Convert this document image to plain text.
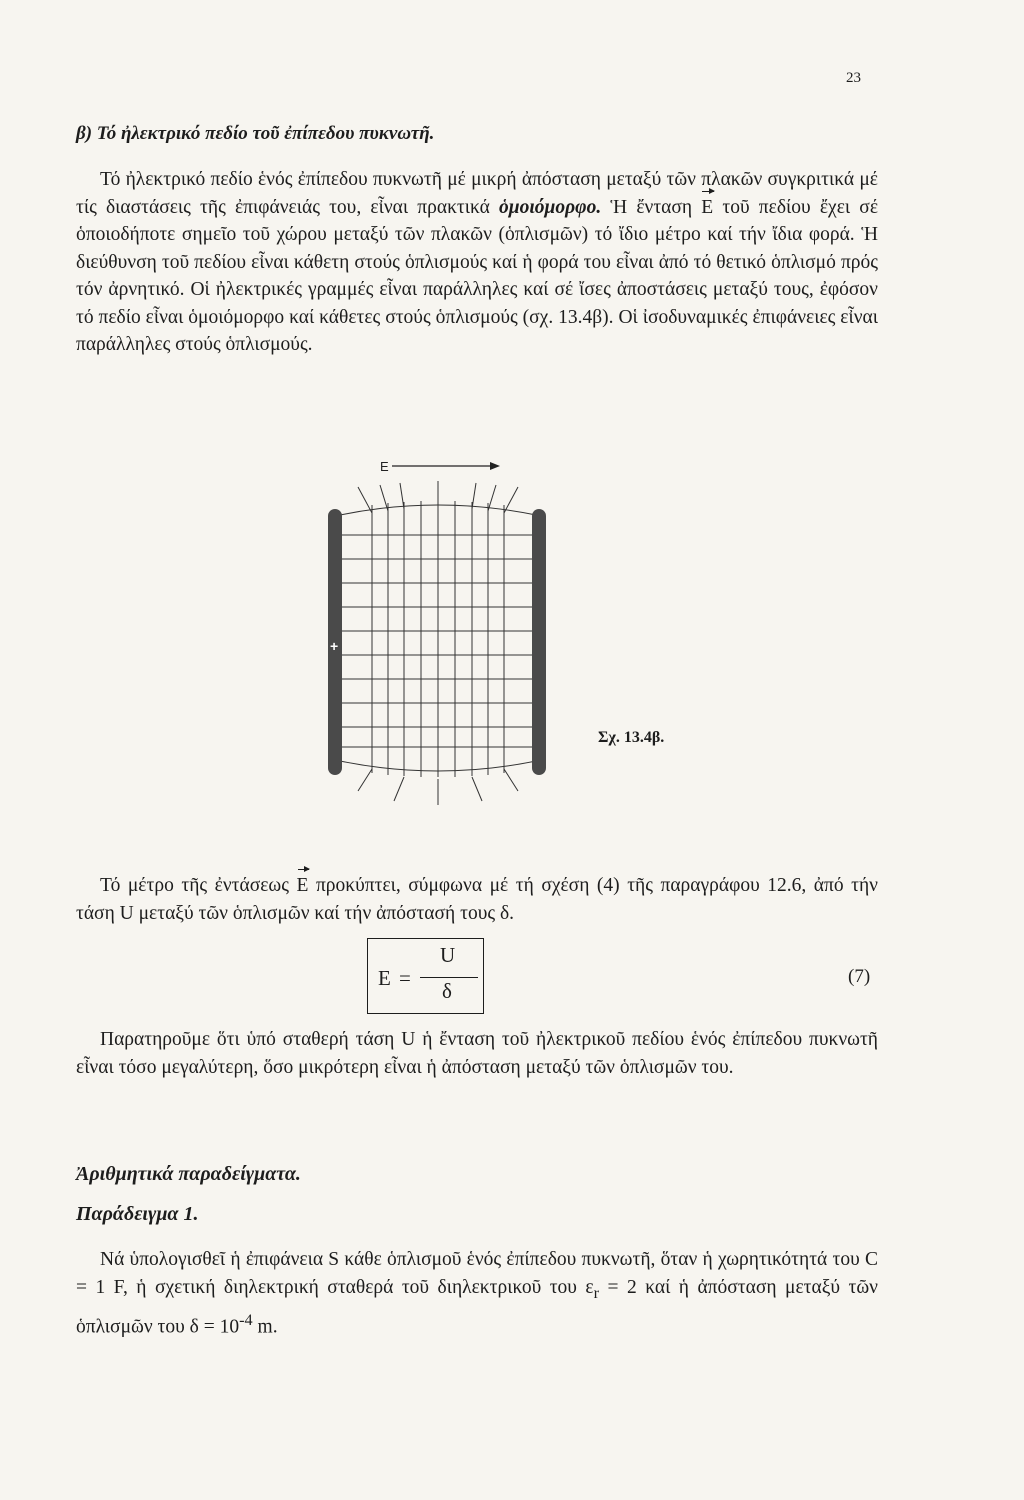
23
β) Τό ἠλεκτρικό πεδίο τοῦ ἐπίπεδου πυκνωτῆ.

Τό ἠλεκτρικό πεδίο ἑνός ἐπίπεδου πυκνωτῆ μέ μικρή ἀπόσταση μεταξύ τῶν πλακῶν συγκριτικά μέ τίς διαστάσεις τῆς ἐπιφάνειάς του, εἶναι πρακτικά ὁμοιόμορφο. Ἡ ἔνταση E τοῦ πεδίου ἔχει σέ ὁποιοδήποτε σημεῖο τοῦ χώρου μεταξύ τῶν πλακῶν (ὁπλισμῶν) τό ἴδιο μέτρο καί τήν ἴδια φορά. Ἡ διεύθυνση τοῦ πεδίου εἶναι κάθετη στούς ὁπλισμούς καί ἡ φορά του εἶναι ἀπό τό θετικό ὁπλισμό πρός τόν ἀρνητικό. Οἱ ἠλεκτρικές γραμμές εἶναι παράλληλες καί σέ ἴσες ἀποστάσεις μεταξύ τους, ἐφόσον τό πεδίο εἶναι ὁμοιόμορφο καί κάθετες στούς ὁπλισμούς (σχ. 13.4β). Οἱ ἰσοδυναμικές ἐπιφάνειες εἶναι παράλληλες στούς ὁπλισμούς.

E
+
Σχ. 13.4β.

Τό μέτρο τῆς ἐντάσεως E προκύπτει, σύμφωνα μέ τή σχέση (4) τῆς παραγράφου 12.6, ἀπό τήν τάση U μεταξύ τῶν ὁπλισμῶν καί τήν ἀπόστασή τους δ.

E =
U
δ
(7)

Παρατηροῦμε ὅτι ὑπό σταθερή τάση U ἡ ἔνταση τοῦ ἠλεκτρικοῦ πεδίου ἑνός ἐπίπεδου πυκνωτῆ εἶναι τόσο μεγαλύτερη, ὅσο μικρότερη εἶναι ἡ ἀπόσταση μεταξύ τῶν ὁπλισμῶν του.

Ἀριθμητικά παραδείγματα.
Παράδειγμα 1.

Νά ὑπολογισθεῖ ἡ ἐπιφάνεια S κάθε ὁπλισμοῦ ἑνός ἐπίπεδου πυκνωτῆ, ὅταν ἡ χωρητικότητά του C = 1 F, ἡ σχετική διηλεκτρική σταθερά τοῦ διηλεκτρικοῦ του $\varepsilon_r = 2$ καί ἡ ἀπόσταση μεταξύ τῶν ὁπλισμῶν του $\delta = 10^{-4}$ m.
